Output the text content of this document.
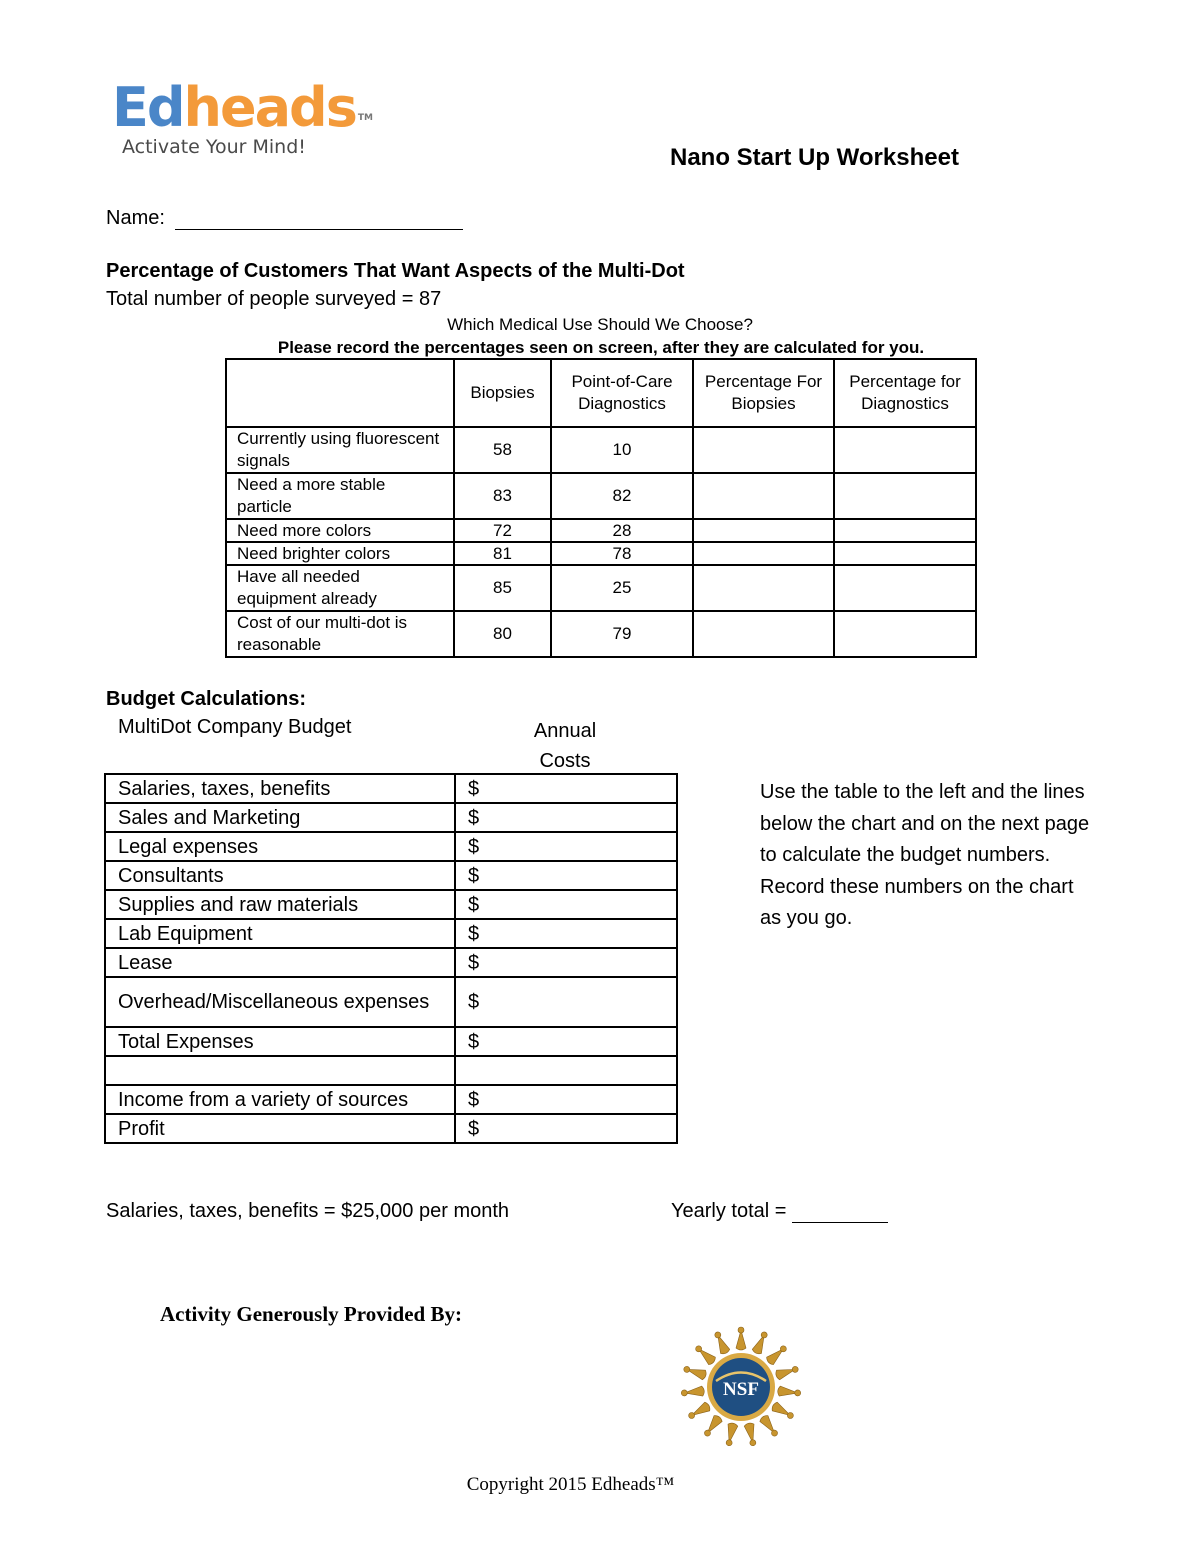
Edheads ™
Activate Your Mind!	Nano Start Up Worksheet
Name:
Percentage of Customers That Want Aspects of the Multi-Dot
Total number of people surveyed = 87
Which Medical Use Should We Choose?
Please record the percentages seen on screen, after they are calculated for you.
	Biopsies	Point-of-Care Diagnostics	Percentage For Biopsies	Percentage for Diagnostics
Currently using fluorescent signals	58	10		
Need a more stable particle	83	82		
Need more colors	72	28		
Need brighter colors	81	78		
Have all needed equipment already	85	25		
Cost of our multi-dot is reasonable	80	79		
Budget Calculations:
MultiDot Company Budget	Annual Costs
Salaries, taxes, benefits	$
Sales and Marketing	$
Legal expenses	$
Consultants	$
Supplies and raw materials	$
Lab Equipment	$
Lease	$
Overhead/Miscellaneous expenses	$
Total Expenses	$

Income from a variety of sources	$
Profit	$
Use the table to the left and the lines below the chart and on the next page to calculate the budget numbers. Record these numbers on the chart as you go.
Salaries, taxes, benefits = $25,000 per month	Yearly total =
Activity Generously Provided By:
NSF
Copyright 2015 Edheads™
